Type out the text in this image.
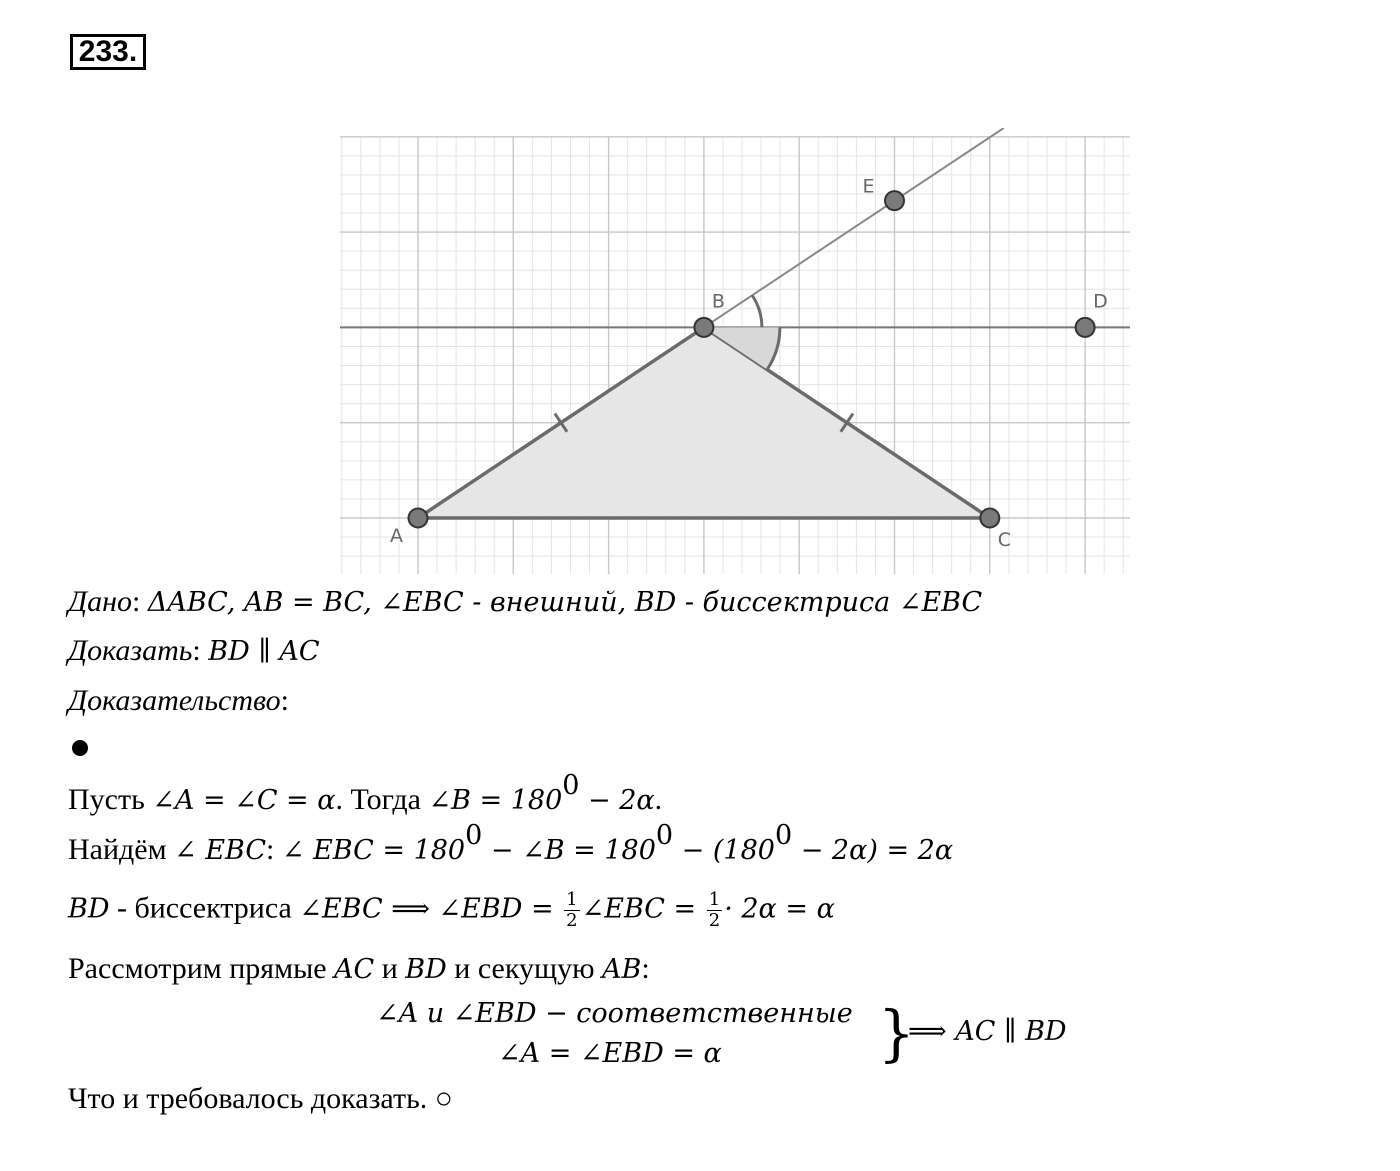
233.
A
B
C
D
E
Дано: ΔABC, AB = BC, ∠EBC - внешний, BD - биссектриса ∠EBC
Доказать: BD ∥ AC
Доказательство:
Пусть ∠A = ∠C = α. Тогда ∠B = $180^0 - 2\alpha$.
Найдём ∠ EBC: ∠ EBC = $180^0$ − ∠B = $180^0 - (180^0 - 2\alpha) = 2\alpha$
BD - биссектриса ∠EBC ⟹ ∠EBD = $\frac{1}{2}$ ∠EBC = $\frac{1}{2} \cdot 2\alpha = \alpha$
Рассмотрим прямые AC и BD и секущую AB:
∠A и ∠EBD − соответственные
∠A = ∠EBD = α	}
⟹ AC ∥ BD
Что и требовалось доказать. ○
